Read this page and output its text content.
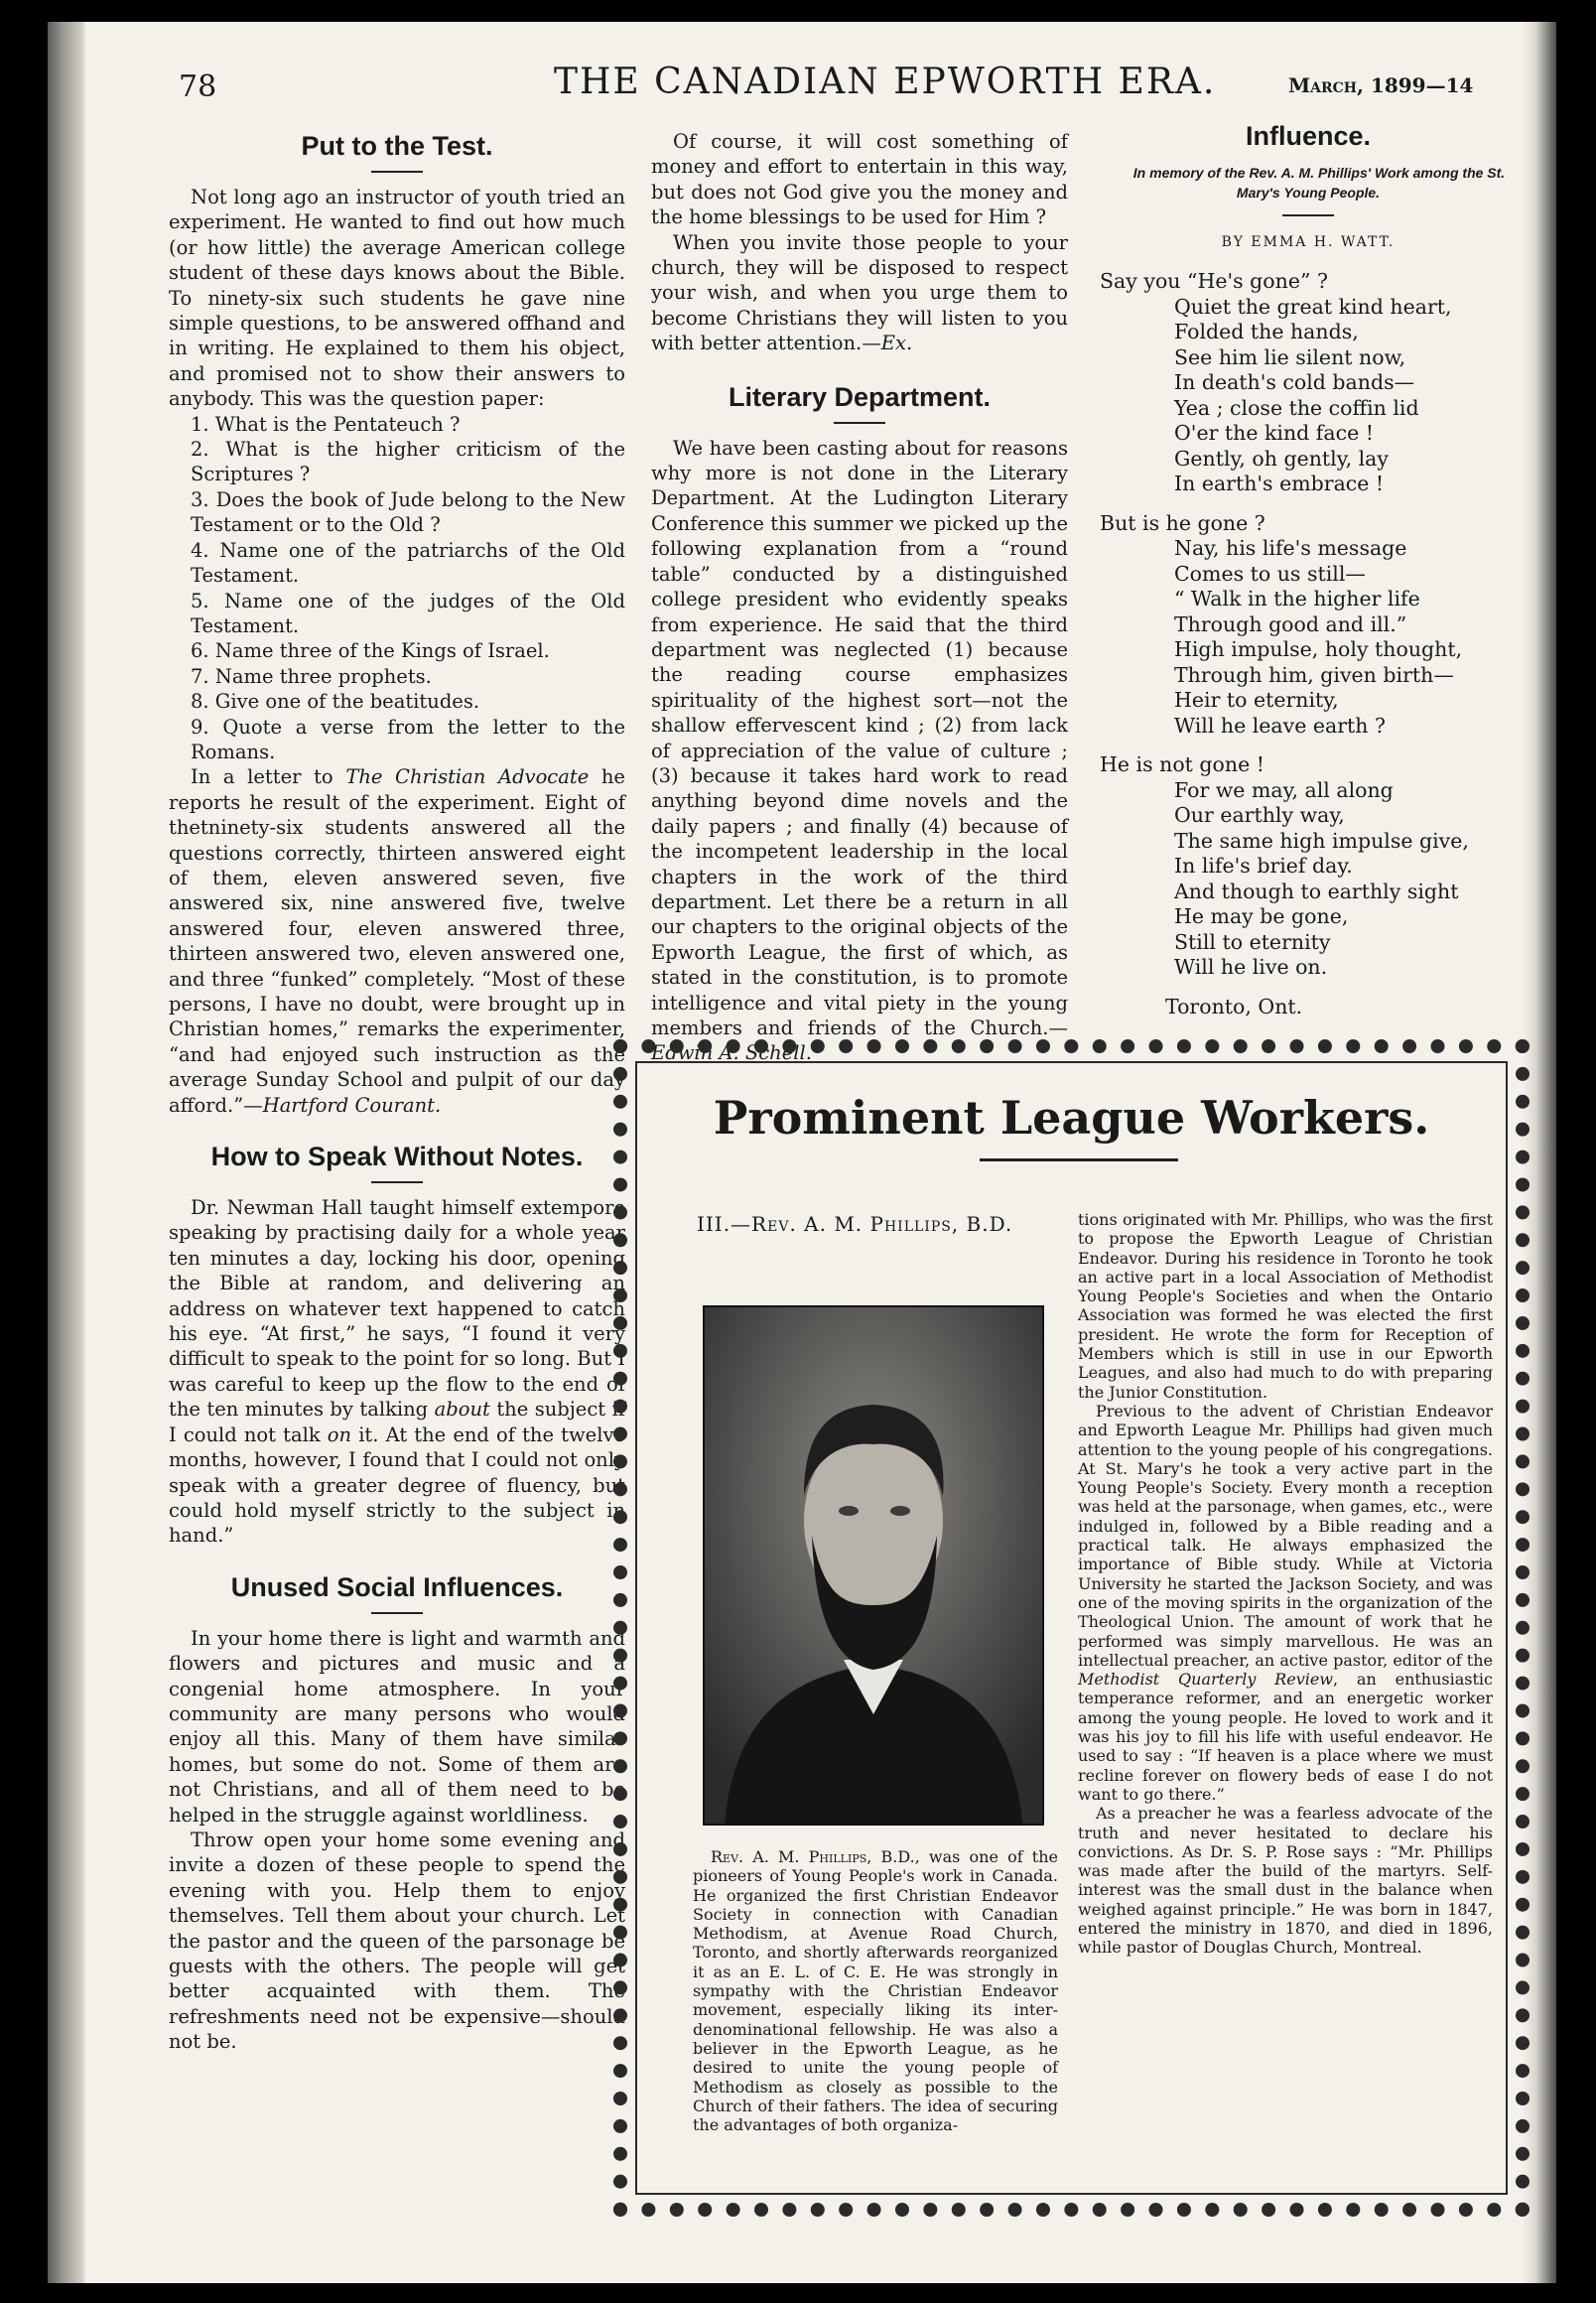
78	THE CANADIAN EPWORTH ERA.	March, 1899—14
Put to the Test.

Not long ago an instructor of youth tried an experiment. He wanted to find out how much (or how little) the average American college student of these days knows about the Bible. To ninety-six such students he gave nine simple questions, to be answered offhand and in writing. He explained to them his object, and promised not to show their answers to anybody. This was the question paper:

1. What is the Pentateuch ?
2. What is the higher criticism of the Scriptures ?
3. Does the book of Jude belong to the New Testament or to the Old ?
4. Name one of the patriarchs of the Old Testament.
5. Name one of the judges of the Old Testament.
6. Name three of the Kings of Israel.
7. Name three prophets.
8. Give one of the beatitudes.
9. Quote a verse from the letter to the Romans.

In a letter to The Christian Advocate he reports he result of the experiment. Eight of thetninety-six students answered all the questions correctly, thirteen answered eight of them, eleven answered seven, five answered six, nine answered five, twelve answered four, eleven answered three, thirteen answered two, eleven answered one, and three “funked” completely. “Most of these persons, I have no doubt, were brought up in Christian homes,” remarks the experimenter, “and had enjoyed such instruction as the average Sunday School and pulpit of our day afford.”—Hartford Courant.

How to Speak Without Notes.

Dr. Newman Hall taught himself extempore speaking by practising daily for a whole year ten minutes a day, locking his door, opening the Bible at random, and delivering an address on whatever text happened to catch his eye. “At first,” he says, “I found it very difficult to speak to the point for so long. But I was careful to keep up the flow to the end of the ten minutes by talking about the subject if I could not talk on it. At the end of the twelve months, however, I found that I could not only speak with a greater degree of fluency, but could hold myself strictly to the subject in hand.”

Unused Social Influences.

In your home there is light and warmth and flowers and pictures and music and a congenial home atmosphere. In your community are many persons who would enjoy all this. Many of them have similar homes, but some do not. Some of them are not Christians, and all of them need to be helped in the struggle against worldliness.

Throw open your home some evening and invite a dozen of these people to spend the evening with you. Help them to enjoy themselves. Tell them about your church. Let the pastor and the queen of the parsonage be guests with the others. The people will get better acquainted with them. The refreshments need not be expensive—should not be.

Of course, it will cost something of money and effort to entertain in this way, but does not God give you the money and the home blessings to be used for Him ?

When you invite those people to your church, they will be disposed to respect your wish, and when you urge them to become Christians they will listen to you with better attention.—Ex.

Literary Department.

We have been casting about for reasons why more is not done in the Literary Department. At the Ludington Literary Conference this summer we picked up the following explanation from a “round table” conducted by a distinguished college president who evidently speaks from experience. He said that the third department was neglected (1) because the reading course emphasizes spirituality of the highest sort—not the shallow effervescent kind ; (2) from lack of appreciation of the value of culture ; (3) because it takes hard work to read anything beyond dime novels and the daily papers ; and finally (4) because of the incompetent leadership in the local chapters in the work of the third department. Let there be a return in all our chapters to the original objects of the Epworth League, the first of which, as stated in the constitution, is to promote intelligence and vital piety in the young members and friends of the Church.—Edwin A. Schell.

Influence.

In memory of the Rev. A. M. Phillips' Work among the St. Mary's Young People.

BY EMMA H. WATT.
Say you “He's gone” ?
Quiet the great kind heart,
Folded the hands,
See him lie silent now,
In death's cold bands—
Yea ; close the coffin lid
O'er the kind face !
Gently, oh gently, lay
In earth's embrace !
But is he gone ?
Nay, his life's message
Comes to us still—
“ Walk in the higher life
Through good and ill.”
High impulse, holy thought,
Through him, given birth—
Heir to eternity,
Will he leave earth ?
He is not gone !
For we may, all along
Our earthly way,
The same high impulse give,
In life's brief day.
And though to earthly sight
He may be gone,
Still to eternity
Will he live on.
Toronto, Ont.
Prominent League Workers.
III.—Rev. A. M. Phillips, B.D.

Rev. A. M. Phillips, B.D., was one of the pioneers of Young People's work in Canada. He organized the first Christian Endeavor Society in connection with Canadian Methodism, at Avenue Road Church, Toronto, and shortly afterwards reorganized it as an E. L. of C. E. He was strongly in sympathy with the Christian Endeavor movement, especially liking its inter-denominational fellowship. He was also a believer in the Epworth League, as he desired to unite the young people of Methodism as closely as possible to the Church of their fathers. The idea of securing the advantages of both organiza-

tions originated with Mr. Phillips, who was the first to propose the Epworth League of Christian Endeavor. During his residence in Toronto he took an active part in a local Association of Methodist Young People's Societies and when the Ontario Association was formed he was elected the first president. He wrote the form for Reception of Members which is still in use in our Epworth Leagues, and also had much to do with preparing the Junior Constitution.

Previous to the advent of Christian Endeavor and Epworth League Mr. Phillips had given much attention to the young people of his congregations. At St. Mary's he took a very active part in the Young People's Society. Every month a reception was held at the parsonage, when games, etc., were indulged in, followed by a Bible reading and a practical talk. He always emphasized the importance of Bible study. While at Victoria University he started the Jackson Society, and was one of the moving spirits in the organization of the Theological Union. The amount of work that he performed was simply marvellous. He was an intellectual preacher, an active pastor, editor of the Methodist Quarterly Review, an enthusiastic temperance reformer, and an energetic worker among the young people. He loved to work and it was his joy to fill his life with useful endeavor. He used to say : “If heaven is a place where we must recline forever on flowery beds of ease I do not want to go there.”

As a preacher he was a fearless advocate of the truth and never hesitated to declare his convictions. As Dr. S. P. Rose says : “Mr. Phillips was made after the build of the martyrs. Self-interest was the small dust in the balance when weighed against principle.” He was born in 1847, entered the ministry in 1870, and died in 1896, while pastor of Douglas Church, Montreal.
